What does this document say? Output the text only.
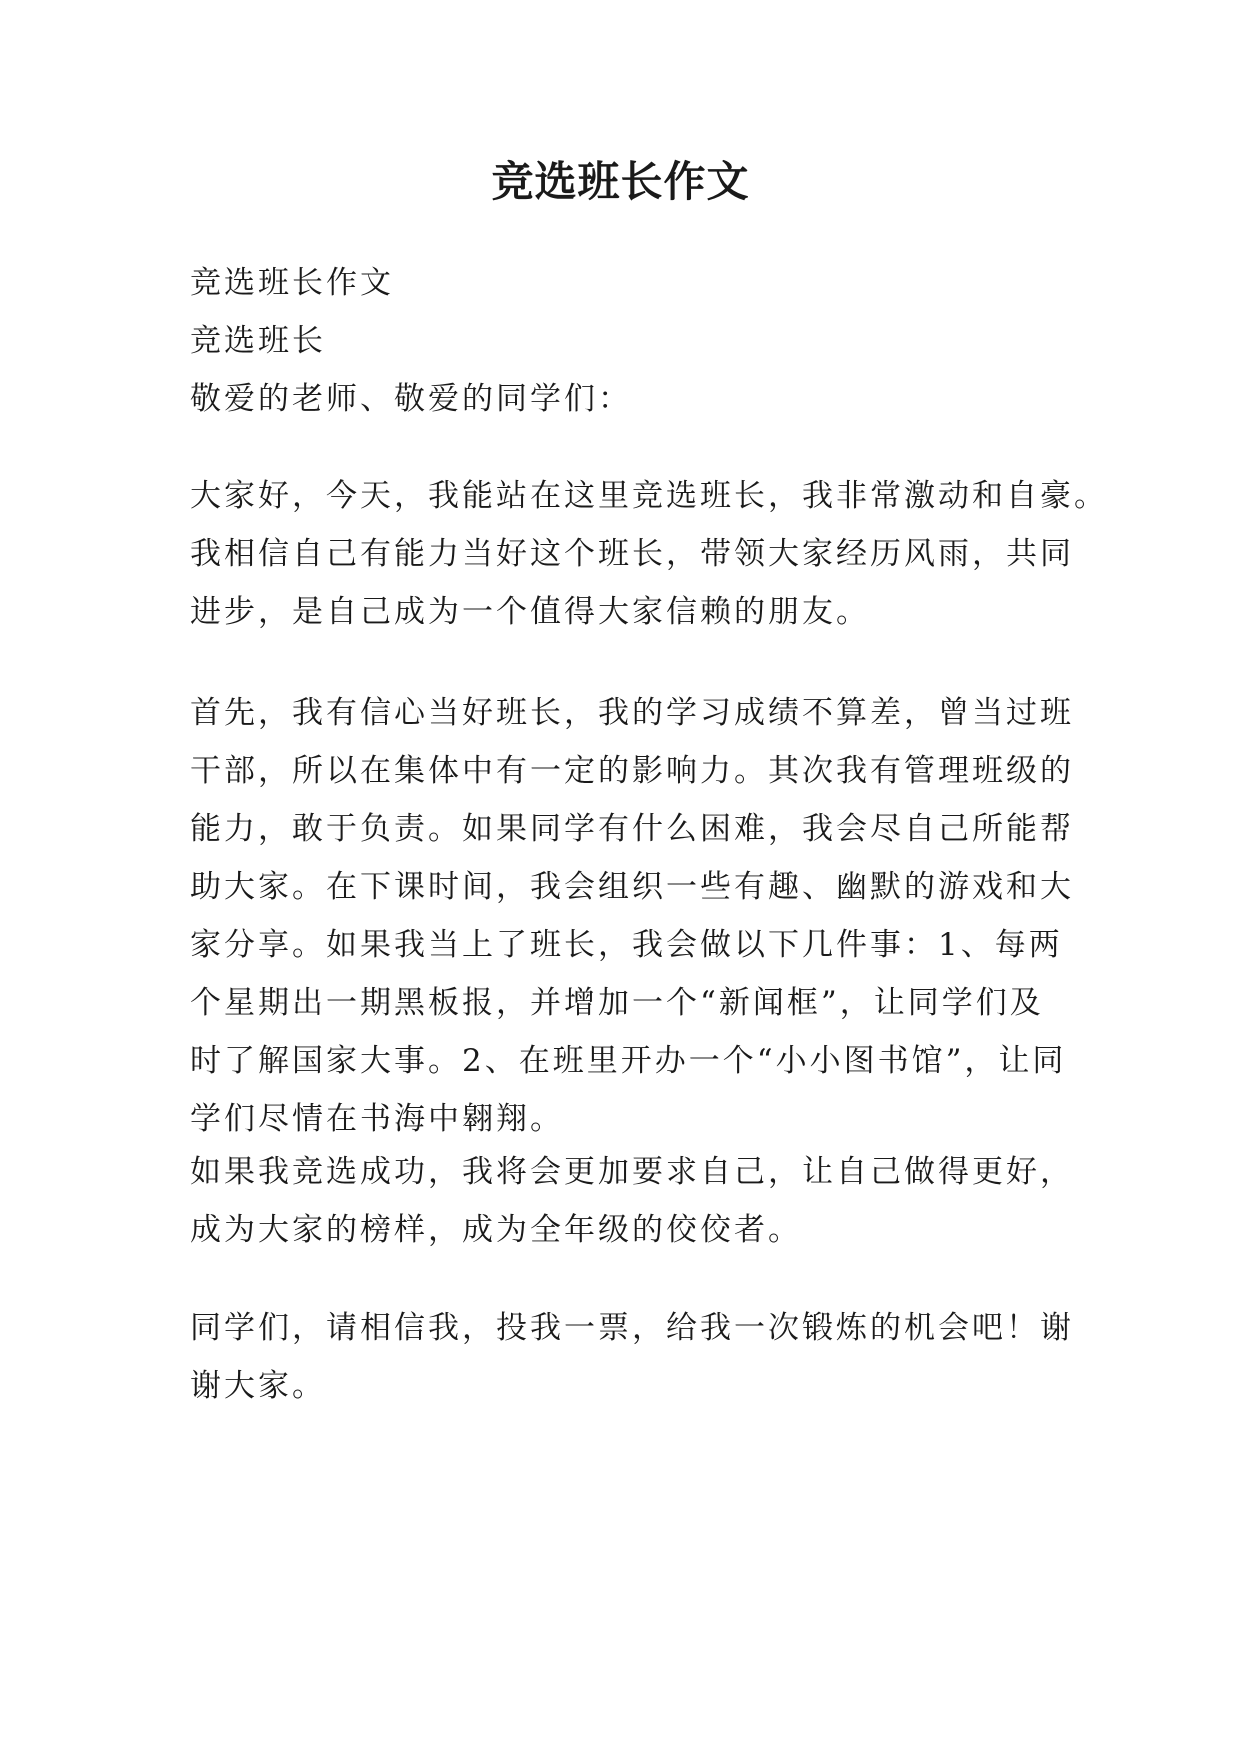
竞选班长作文
竞选班长作文
竞选班长
敬爱的老师、敬爱的同学们：
大家好，今天，我能站在这里竞选班长，我非常激动和自豪。
我相信自己有能力当好这个班长，带领大家经历风雨，共同
进步，是自己成为一个值得大家信赖的朋友。
首先，我有信心当好班长，我的学习成绩不算差，曾当过班
干部，所以在集体中有一定的影响力。其次我有管理班级的
能力，敢于负责。如果同学有什么困难，我会尽自己所能帮
助大家。在下课时间，我会组织一些有趣、幽默的游戏和大
家分享。如果我当上了班长，我会做以下几件事：1、每两
个星期出一期黑板报，并增加一个“新闻框”，让同学们及
时了解国家大事。2、在班里开办一个“小小图书馆”，让同
学们尽情在书海中翱翔。
如果我竞选成功，我将会更加要求自己，让自己做得更好，
成为大家的榜样，成为全年级的佼佼者。
同学们，请相信我，投我一票，给我一次锻炼的机会吧！谢
谢大家。
